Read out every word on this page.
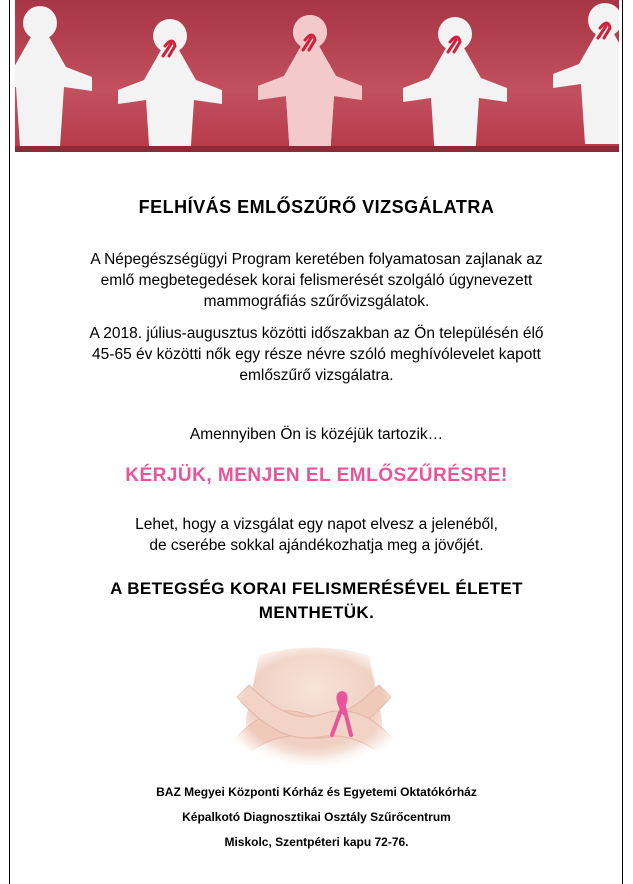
FELHÍVÁS EMLŐSZŰRŐ VIZSGÁLATRA
A Népegészségügyi Program keretében folyamatosan zajlanak az
emlő megbetegedések korai felismerését szolgáló úgynevezett
mammográfiás szűrővizsgálatok.
A 2018. július-augusztus közötti időszakban az Ön településén élő
45-65 év közötti nők egy része névre szóló meghívólevelet kapott
emlőszűrő vizsgálatra.
Amennyiben Ön is közéjük tartozik…
KÉRJÜK, MENJEN EL EMLŐSZŰRÉSRE!
Lehet, hogy a vizsgálat egy napot elvesz a jelenéből,
de cserébe sokkal ajándékozhatja meg a jövőjét.
A BETEGSÉG KORAI FELISMERÉSÉVEL ÉLETET
MENTHETÜK.
BAZ Megyei Központi Kórház és Egyetemi Oktatókórház
Képalkotó Diagnosztikai Osztály Szűrőcentrum
Miskolc, Szentpéteri kapu 72-76.
